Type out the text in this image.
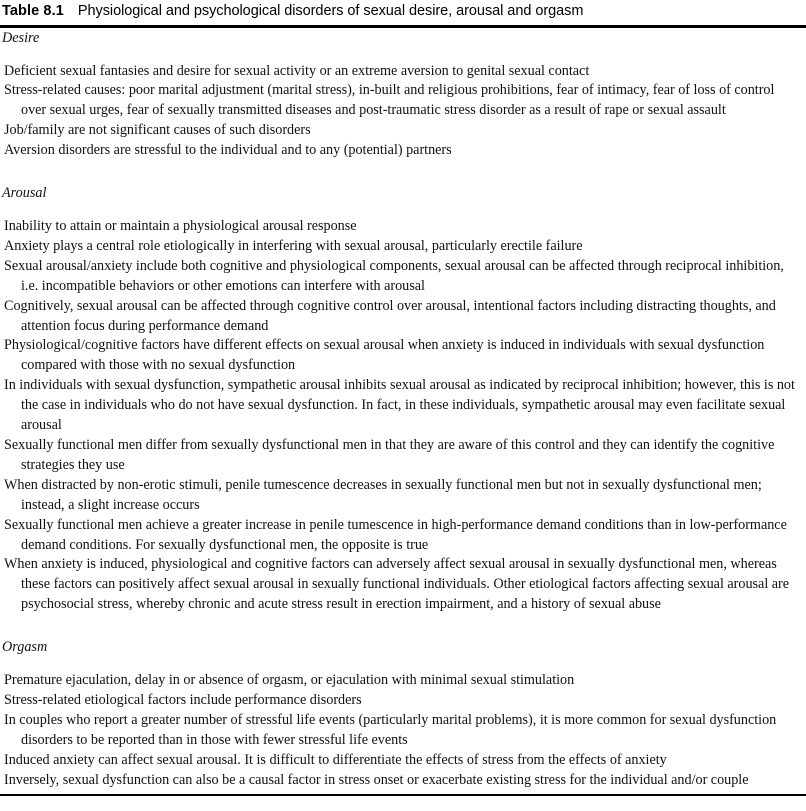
Table 8.1 Physiological and psychological disorders of sexual desire, arousal and orgasm
Desire
Deficient sexual fantasies and desire for sexual activity or an extreme aversion to genital sexual contact
Stress-related causes: poor marital adjustment (marital stress), in-built and religious prohibitions, fear of intimacy, fear of loss of control over sexual urges, fear of sexually transmitted diseases and post-traumatic stress disorder as a result of rape or sexual assault
Job/family are not significant causes of such disorders
Aversion disorders are stressful to the individual and to any (potential) partners
Arousal
Inability to attain or maintain a physiological arousal response
Anxiety plays a central role etiologically in interfering with sexual arousal, particularly erectile failure
Sexual arousal/anxiety include both cognitive and physiological components, sexual arousal can be affected through reciprocal inhibition, i.e. incompatible behaviors or other emotions can interfere with arousal
Cognitively, sexual arousal can be affected through cognitive control over arousal, intentional factors including distracting thoughts, and attention focus during performance demand
Physiological/cognitive factors have different effects on sexual arousal when anxiety is induced in individuals with sexual dysfunction compared with those with no sexual dysfunction
In individuals with sexual dysfunction, sympathetic arousal inhibits sexual arousal as indicated by reciprocal inhibition; however, this is not the case in individuals who do not have sexual dysfunction. In fact, in these individuals, sympathetic arousal may even facilitate sexual arousal
Sexually functional men differ from sexually dysfunctional men in that they are aware of this control and they can identify the cognitive strategies they use
When distracted by non-erotic stimuli, penile tumescence decreases in sexually functional men but not in sexually dysfunctional men; instead, a slight increase occurs
Sexually functional men achieve a greater increase in penile tumescence in high-performance demand conditions than in low-performance demand conditions. For sexually dysfunctional men, the opposite is true
When anxiety is induced, physiological and cognitive factors can adversely affect sexual arousal in sexually dysfunctional men, whereas these factors can positively affect sexual arousal in sexually functional individuals. Other etiological factors affecting sexual arousal are psychosocial stress, whereby chronic and acute stress result in erection impairment, and a history of sexual abuse
Orgasm
Premature ejaculation, delay in or absence of orgasm, or ejaculation with minimal sexual stimulation
Stress-related etiological factors include performance disorders
In couples who report a greater number of stressful life events (particularly marital problems), it is more common for sexual dysfunction disorders to be reported than in those with fewer stressful life events
Induced anxiety can affect sexual arousal. It is difficult to differentiate the effects of stress from the effects of anxiety
Inversely, sexual dysfunction can also be a causal factor in stress onset or exacerbate existing stress for the individual and/or couple
